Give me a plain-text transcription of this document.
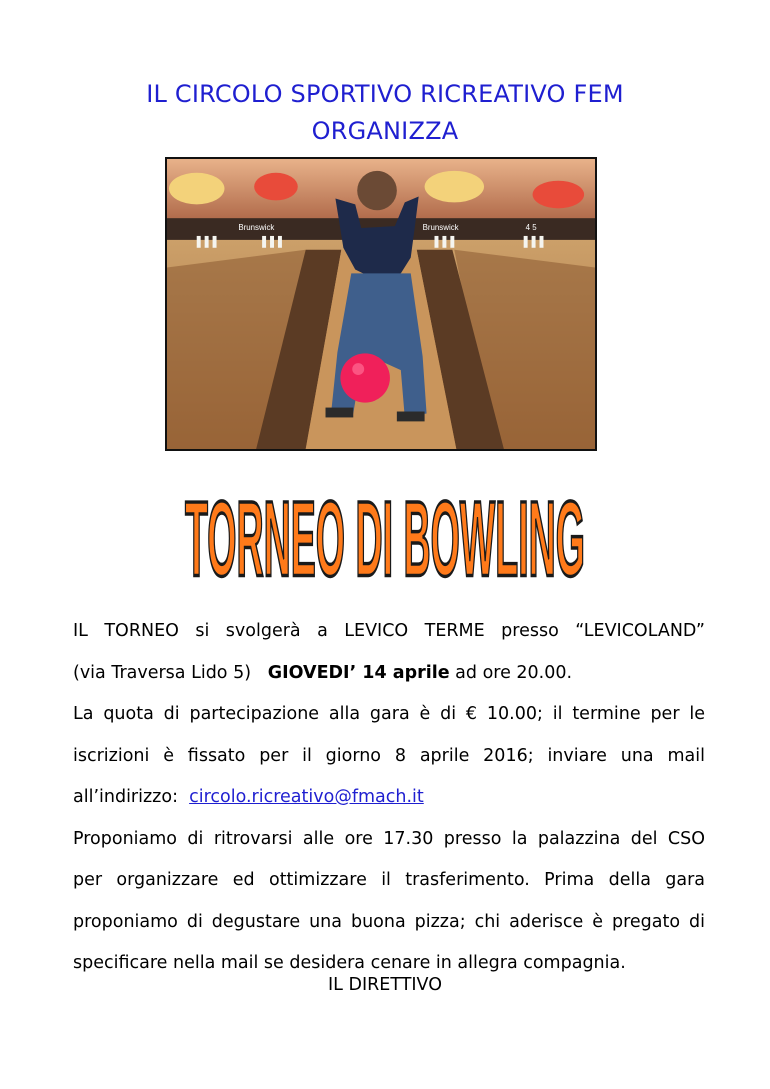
IL CIRCOLO SPORTIVO RICREATIVO FEM
ORGANIZZA
Brunswick	Brunswick	4 5
TORNEO DI BOWLING
IL TORNEO si svolgerà a LEVICO TERME presso “LEVICOLAND”
(via Traversa Lido 5) GIOVEDI’ 14 aprile ad ore 20.00.
La quota di partecipazione alla gara è di € 10.00; il termine per le
iscrizioni è fissato per il giorno 8 aprile 2016; inviare una mail
all’indirizzo: circolo.ricreativo@fmach.it
Proponiamo di ritrovarsi alle ore 17.30 presso la palazzina del CSO
per organizzare ed ottimizzare il trasferimento. Prima della gara
proponiamo di degustare una buona pizza; chi aderisce è pregato di
specificare nella mail se desidera cenare in allegra compagnia.
IL DIRETTIVO
